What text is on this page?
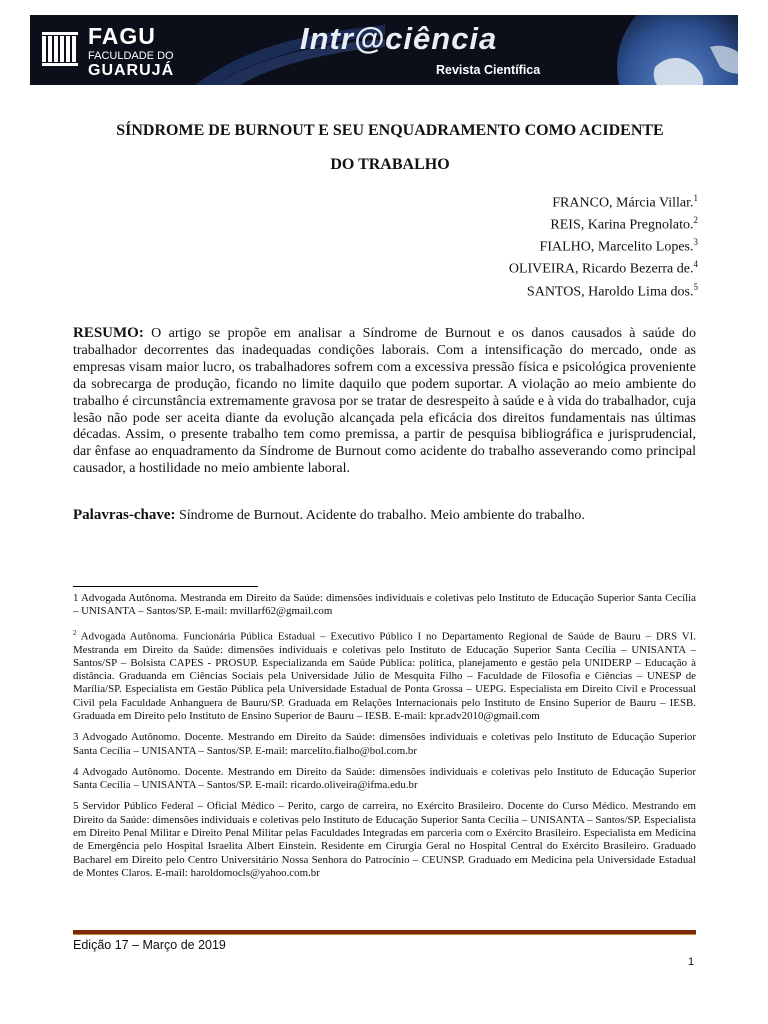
FAGU
FACULDADE DO
GUARUJÁ
Intr@ciência
Revista Científica
SÍNDROME DE BURNOUT E SEU ENQUADRAMENTO COMO ACIDENTE
DO TRABALHO
FRANCO, Márcia Villar.$^1$
REIS, Karina Pregnolato.$^2$
FIALHO, Marcelito Lopes.$^3$
OLIVEIRA, Ricardo Bezerra de.$^4$
SANTOS, Haroldo Lima dos.$^5$
RESUMO: O artigo se propõe em analisar a Síndrome de Burnout e os danos causados à saúde do trabalhador decorrentes das inadequadas condições laborais. Com a intensificação do mercado, onde as empresas visam maior lucro, os trabalhadores sofrem com a excessiva pressão física e psicológica proveniente da sobrecarga de produção, ficando no limite daquilo que podem suportar. A violação ao meio ambiente do trabalho é circunstância extremamente gravosa por se tratar de desrespeito à saúde e à vida do trabalhador, cuja lesão não pode ser aceita diante da evolução alcançada pela eficácia dos direitos fundamentais nas últimas décadas. Assim, o presente trabalho tem como premissa, a partir de pesquisa bibliográfica e jurisprudencial, dar ênfase ao enquadramento da Síndrome de Burnout como acidente do trabalho asseverando como principal causador, a hostilidade no meio ambiente laboral.
Palavras-chave: Síndrome de Burnout. Acidente do trabalho. Meio ambiente do trabalho.

1 Advogada Autônoma. Mestranda em Direito da Saúde: dimensões individuais e coletivas pelo Instituto de Educação Superior Santa Cecília – UNISANTA – Santos/SP. E-mail: mvillarf62@gmail.com

$^2$ Advogada Autônoma. Funcionária Pública Estadual – Executivo Público I no Departamento Regional de Saúde de Bauru – DRS VI. Mestranda em Direito da Saúde: dimensões individuais e coletivas pelo Instituto de Educação Superior Santa Cecília – UNISANTA – Santos/SP – Bolsista CAPES - PROSUP. Especializanda em Saúde Pública: política, planejamento e gestão pela UNIDERP – Educação à distância. Graduanda em Ciências Sociais pela Universidade Júlio de Mesquita Filho – Faculdade de Filosofia e Ciências – UNESP de Marília/SP. Especialista em Gestão Pública pela Universidade Estadual de Ponta Grossa – UEPG. Especialista em Direito Civil e Processual Civil pela Faculdade Anhanguera de Bauru/SP. Graduada em Relações Internacionais pelo Instituto de Ensino Superior de Bauru – IESB. Graduada em Direito pelo Instituto de Ensino Superior de Bauru – IESB. E-mail: kpr.adv2010@gmail.com

3 Advogado Autônomo. Docente. Mestrando em Direito da Saúde: dimensões individuais e coletivas pelo Instituto de Educação Superior Santa Cecília – UNISANTA – Santos/SP. E-mail: marcelito.fialho@bol.com.br

4 Advogado Autônomo. Docente. Mestrando em Direito da Saúde: dimensões individuais e coletivas pelo Instituto de Educação Superior Santa Cecília – UNISANTA – Santos/SP. E-mail: ricardo.oliveira@ifma.edu.br

5 Servidor Público Federal – Oficial Médico – Perito, cargo de carreira, no Exército Brasileiro. Docente do Curso Médico. Mestrando em Direito da Saúde: dimensões individuais e coletivas pelo Instituto de Educação Superior Santa Cecília – UNISANTA – Santos/SP. Especialista em Direito Penal Militar e Direito Penal Militar pelas Faculdades Integradas em parceria com o Exército Brasileiro. Especialista em Medicina de Emergência pelo Hospital Israelita Albert Einstein. Residente em Cirurgia Geral no Hospital Central do Exército Brasileiro. Graduado Bacharel em Direito pelo Centro Universitário Nossa Senhora do Patrocínio – CEUNSP. Graduado em Medicina pela Universidade Estadual de Montes Claros. E-mail: haroldomocls@yahoo.com.br

Edição 17 – Março de 2019
1
